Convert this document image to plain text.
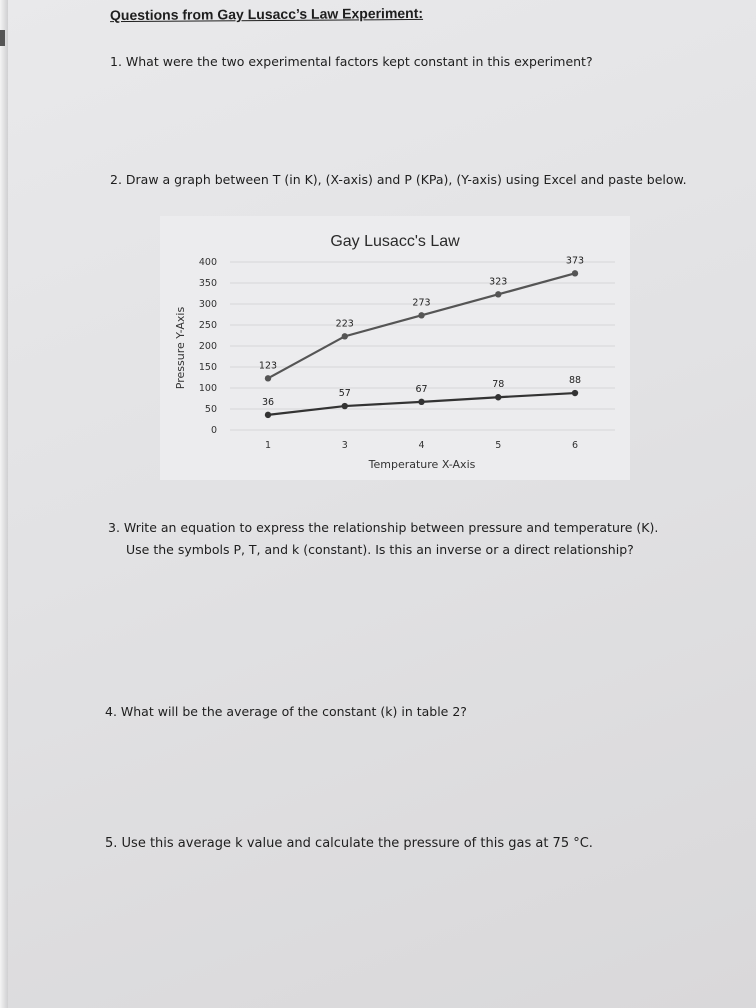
Questions from Gay Lusacc’s Law Experiment:
1. What were the two experimental factors kept constant in this experiment?
2. Draw a graph between T (in K), (X-axis) and P (KPa), (Y-axis) using Excel and paste below.
Gay Lusacc's Law
400
350
300
250
200
150
100
50
0
1	3	4	5	6
123
223
273
323
373
36
57	67	78	88
Temperature X-Axis
Pressure Y-Axis
3. Write an equation to express the relationship between pressure and temperature (K).
Use the symbols P, T, and k (constant). Is this an inverse or a direct relationship?
4. What will be the average of the constant (k) in table 2?
5. Use this average k value and calculate the pressure of this gas at 75 °C.
